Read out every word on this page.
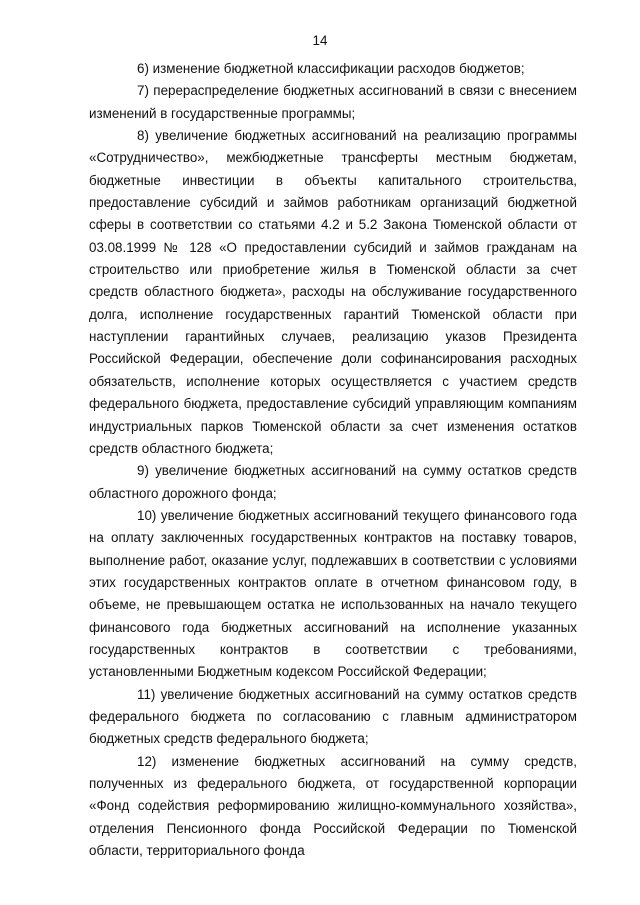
14

6) изменение бюджетной классификации расходов бюджетов;

7) перераспределение бюджетных ассигнований в связи с внесением изменений в государственные программы;

8) увеличение бюджетных ассигнований на реализацию программы «Сотрудничество», межбюджетные трансферты местным бюджетам, бюджетные инвестиции в объекты капитального строительства, предоставление субсидий и займов работникам организаций бюджетной сферы в соответствии со статьями 4.2 и 5.2 Закона Тюменской области от 03.08.1999 № 128 «О предоставлении субсидий и займов гражданам на строительство или приобретение жилья в Тюменской области за счет средств областного бюджета», расходы на обслуживание государственного долга, исполнение государственных гарантий Тюменской области при наступлении гарантийных случаев, реализацию указов Президента Российской Федерации, обеспечение доли софинансирования расходных обязательств, исполнение которых осуществляется с участием средств федерального бюджета, предоставление субсидий управляющим компаниям индустриальных парков Тюменской области за счет изменения остатков средств областного бюджета;

9) увеличение бюджетных ассигнований на сумму остатков средств областного дорожного фонда;

10) увеличение бюджетных ассигнований текущего финансового года на оплату заключенных государственных контрактов на поставку товаров, выполнение работ, оказание услуг, подлежавших в соответствии с условиями этих государственных контрактов оплате в отчетном финансовом году, в объеме, не превышающем остатка не использованных на начало текущего финансового года бюджетных ассигнований на исполнение указанных государственных контрактов в соответствии с требованиями, установленными Бюджетным кодексом Российской Федерации;

11) увеличение бюджетных ассигнований на сумму остатков средств федерального бюджета по согласованию с главным администратором бюджетных средств федерального бюджета;

12) изменение бюджетных ассигнований на сумму средств, полученных из федерального бюджета, от государственной корпорации «Фонд содействия реформированию жилищно-коммунального хозяйства», отделения Пенсионного фонда Российской Федерации по Тюменской области, территориального фонда
